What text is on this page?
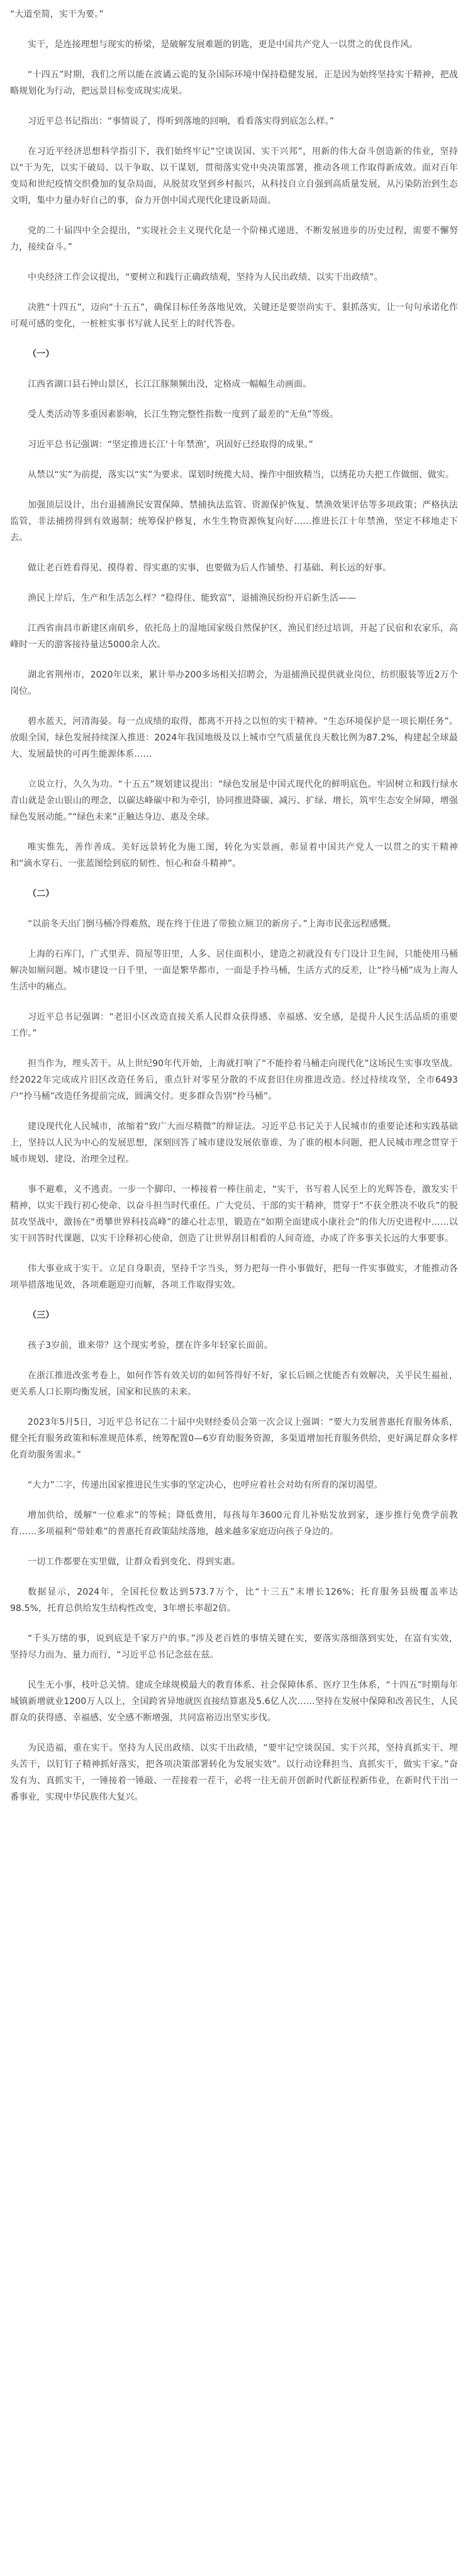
“大道至简，实干为要。”
实干，是连接理想与现实的桥梁，是破解发展难题的钥匙，更是中国共产党人一以贯之的优良作风。
“十四五”时期，我们之所以能在波谲云诡的复杂国际环境中保持稳健发展，正是因为始终坚持实干精神，把战略规划化为行动，把远景目标变成现实成果。
习近平总书记指出：“事情说了，得听到落地的回响，看看落实得到底怎么样。”
在习近平经济思想科学指引下，我们始终牢记“空谈误国、实干兴邦”，用新的伟大奋斗创造新的伟业，坚持以“干为先，以实干破局、以干争取、以干谋划，贯彻落实党中央决策部署，推动各项工作取得新成效。面对百年变局和世纪疫情交织叠加的复杂局面，从脱贫攻坚到乡村振兴，从科技自立自强到高质量发展，从污染防治到生态文明，集中力量办好自己的事，奋力开创中国式现代化建设新局面。
党的二十届四中全会提出，“实现社会主义现代化是一个阶梯式递进、不断发展进步的历史过程，需要不懈努力，接续奋斗。”
中央经济工作会议提出，“要树立和践行正确政绩观，坚持为人民出政绩、以实干出政绩”。
决胜“十四五”，迈向“十五五”，确保目标任务落地见效，关键还是要崇尚实干、狠抓落实，让一句句承诺化作可观可感的变化，一桩桩实事书写就人民至上的时代答卷。
（一）
江西省湖口县石钟山景区，长江江豚频频出没，定格成一幅幅生动画面。
受人类活动等多重因素影响，长江生物完整性指数一度到了最差的“无鱼”等级。
习近平总书记强调：“坚定推进长江‘十年禁渔’，巩固好已经取得的成果。”
从禁以“实”为前提，落实以“实”为要求。谋划时统揽大局、操作中细致精当，以绣花功夫把工作做细、做实。
加强顶层设计，出台退捕渔民安置保障、禁捕执法监管、资源保护恢复、禁渔效果评估等多项政策；严格执法监管，非法捕捞得到有效遏制；统筹保护修复，水生生物资源恢复向好……推进长江十年禁渔，坚定不移地走下去。
做让老百姓看得见、摸得着、得实惠的实事，也要做为后人作铺垫、打基础、利长远的好事。
渔民上岸后，生产和生活怎么样？“稳得住、能致富”，退捕渔民纷纷开启新生活——
江西省南昌市新建区南矶乡，依托岛上的湿地国家级自然保护区，渔民们经过培训，开起了民宿和农家乐，高峰时一天的游客接待量达5000余人次。
湖北省荆州市，2020年以来，累计举办200多场相关招聘会，为退捕渔民提供就业岗位，纺织服装等近2万个岗位。
碧水蓝天，河清海晏。每一点成绩的取得，都离不开持之以恒的实干精神。“生态环境保护是一项长期任务”。放眼全国，绿色发展持续深入推进：2024年我国地级及以上城市空气质量优良天数比例为87.2%，构建起全球最大、发展最快的可再生能源体系……
立说立行，久久为功。“十五五”规划建议提出：“绿色发展是中国式现代化的鲜明底色。牢固树立和践行绿水青山就是金山银山的理念，以碳达峰碳中和为牵引，协同推进降碳、减污、扩绿、增长，筑牢生态安全屏障，增强绿色发展动能。”“绿色未来”正触达身边、惠及全球。
唯实惟先，善作善成。美好远景转化为施工图，转化为实景画，彰显着中国共产党人一以贯之的实干精神和“滴水穿石、一张蓝图绘到底的韧性、恒心和奋斗精神”。
（二）
“以前冬天出门倒马桶冷得难熬，现在终于住进了带独立厕卫的新房子。”上海市民张远程感慨。
上海的石库门，广式里弄、筒屋等旧里，人多、居住面积小，建造之初就没有专门设计卫生间，只能使用马桶解决如厕问题。城市建设一日千里，一面是繁华都市，一面是手拎马桶，生活方式的反差，让“拎马桶”成为上海人生活中的痛点。
习近平总书记强调：“老旧小区改造直接关系人民群众获得感、幸福感、安全感，是提升人民生活品质的重要工作。”
担当作为，埋头苦干。从上世纪90年代开始，上海就打响了“不能拎着马桶走向现代化”这场民生实事攻坚战。经2022年完成成片旧区改造任务后，重点针对零星分散的不成套旧住房推进改造。经过持续攻坚，全市6493户“拎马桶”改造任务提前完成，圆满交付。更多群众告别“拎马桶”。
建设现代化人民城市，浓缩着“致广大而尽精微”的辩证法。习近平总书记关于人民城市的重要论述和实践基础上，坚持以人民为中心的发展思想，深刻回答了城市建设发展依靠谁、为了谁的根本问题，把人民城市理念贯穿于城市规划、建设、治理全过程。
事不避难，义不逃责。一步一个脚印、一棒接着一棒往前走，“实干，书写着人民至上的光辉答卷，激发实干精神，以实干践行初心使命、以奋斗担当时代重任。广大党员、干部的实干精神，贯穿于“不获全胜决不收兵”的脱贫攻坚战中，激扬在“勇攀世界科技高峰”的雄心壮志里，锻造在“如期全面建成小康社会”的伟大历史进程中……以实干回答时代课题、以实干诠释初心使命，创造了让世界刮目相看的人间奇迹，办成了许多事关长远的大事要事。
伟大事业成于实干。立足自身职责，坚持千字当头，努力把每一件小事做好，把每一件实事做实，才能推动各项举措落地见效，各项难题迎刃而解，各项工作取得实效。
（三）
孩子3岁前，谁来带？这个现实考验，摆在许多年轻家长面前。
在浙江推进改张考卷上，如何作答有效关切的如何答得好不好，家长后顾之忧能否有效解决，关乎民生福祉，更关系人口长期均衡发展，国家和民族的未来。
2023年5月5日，习近平总书记在二十届中央财经委员会第一次会议上强调：“要大力发展普惠托育服务体系，健全托育服务政策和标准规范体系，统筹配置0—6岁育幼服务资源，多渠道增加托育服务供给，更好满足群众多样化育幼服务需求。”
“大力”二字，传递出国家推进民生实事的坚定决心，也呼应着社会对幼有所育的深切渴望。
增加供给，缓解“一位难求”的等候；降低费用，每孩每年3600元育儿补贴发放到家，逐步推行免费学前教育……多项福利“带娃难”的普惠托育政策陆续落地，越来越多家庭迈向孩子身边的。
一切工作都要在实里做，让群众看到变化、得到实惠。
数据显示，2024年，全国托位数达到573.7万个，比“十三五”末增长126%；托育服务县级覆盖率达98.5%，托育总供给发生结构性改变，3年增长率超2倍。
“千头万绪的事，说到底是千家万户的事。”涉及老百姓的事情关键在实，要落实落细落到实处，在富有实效，坚持尽力而为、量力而行，“习近平总书记念兹在兹。
民生无小事，枝叶总关情。建成全球规模最大的教育体系、社会保障体系、医疗卫生体系，“十四五”时期每年城镇新增就业1200万人以上，全国跨省异地就医直接结算惠及5.6亿人次……坚持在发展中保障和改善民生，人民群众的获得感、幸福感、安全感不断增强，共同富裕迈出坚实步伐。
为民造福，重在实干。坚持为人民出政绩、以实干出政绩，“要牢记空谈误国、实干兴邦，坚持真抓实干、埋头苦干，以钉钉子精神抓好落实，把各项决策部署转化为发展实效”。以行动诠释担当、真抓实干，做实干家。”奋发有为、真抓实干，一锤接着一锤敲、一茬接着一茬干，必将一往无前开创新时代新征程新伟业，在新时代干出一番事业，实现中华民族伟大复兴。
